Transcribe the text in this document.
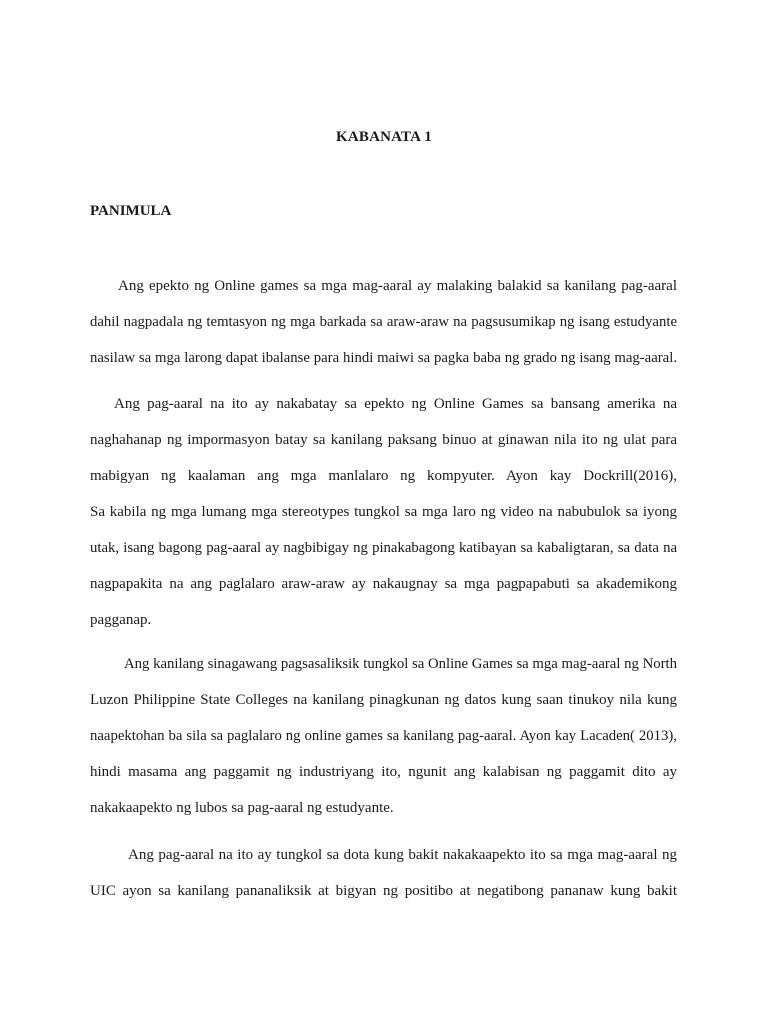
KABANATA 1
PANIMULA
Ang epekto ng Online games sa mga mag-aaral ay malaking balakid sa kanilang pag-aaral
dahil nagpadala ng temtasyon ng mga barkada sa araw-araw na pagsusumikap ng isang estudyante
nasilaw sa mga larong dapat ibalanse para hindi maiwi sa pagka baba ng grado ng isang mag-aaral.
Ang pag-aaral na ito ay nakabatay sa epekto ng Online Games sa bansang amerika na
naghahanap ng impormasyon batay sa kanilang paksang binuo at ginawan nila ito ng ulat para
mabigyan ng kaalaman ang mga manlalaro ng kompyuter. Ayon kay Dockrill(2016),
Sa kabila ng mga lumang mga stereotypes tungkol sa mga laro ng video na nabubulok sa iyong
utak, isang bagong pag-aaral ay nagbibigay ng pinakabagong katibayan sa kabaligtaran, sa data na
nagpapakita na ang paglalaro araw-araw ay nakaugnay sa mga pagpapabuti sa akademikong
pagganap.
Ang kanilang sinagawang pagsasaliksik tungkol sa Online Games sa mga mag-aaral ng North
Luzon Philippine State Colleges na kanilang pinagkunan ng datos kung saan tinukoy nila kung
naapektohan ba sila sa paglalaro ng online games sa kanilang pag-aaral. Ayon kay Lacaden( 2013),
hindi masama ang paggamit ng industriyang ito, ngunit ang kalabisan ng paggamit dito ay
nakakaapekto ng lubos sa pag-aaral ng estudyante.
Ang pag-aaral na ito ay tungkol sa dota kung bakit nakakaapekto ito sa mga mag-aaral ng
UIC ayon sa kanilang pananaliksik at bigyan ng positibo at negatibong pananaw kung bakit
